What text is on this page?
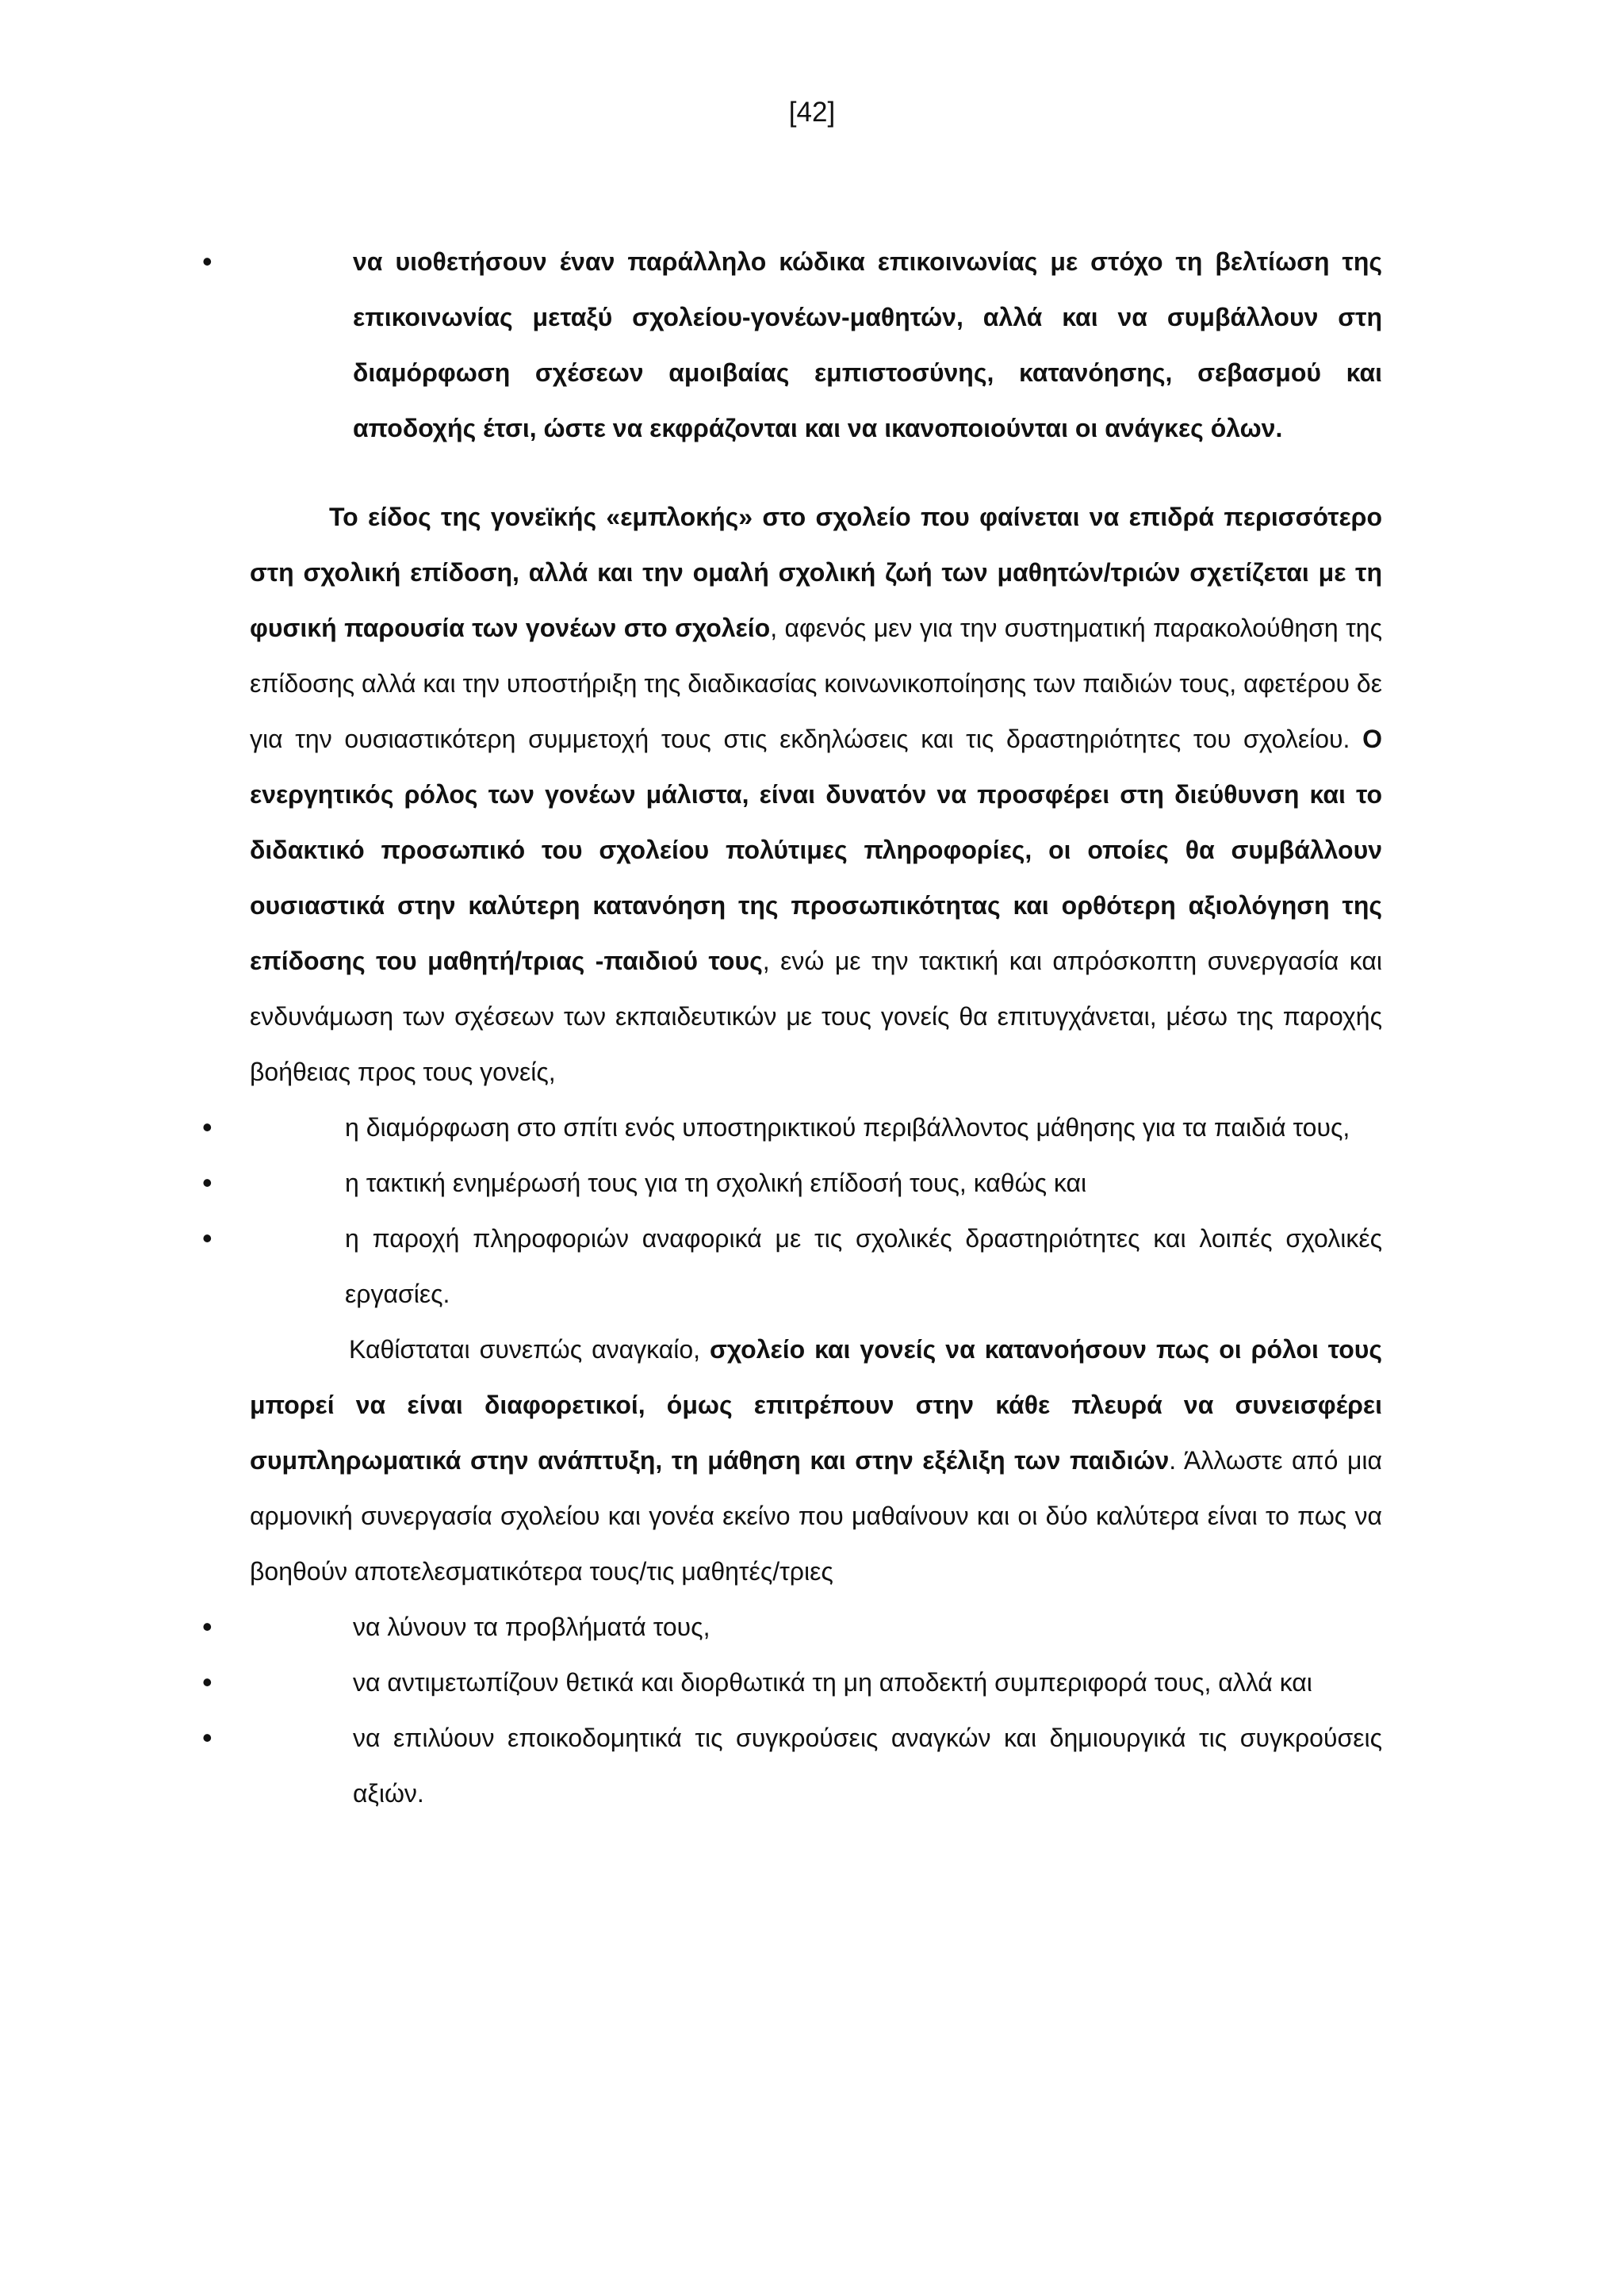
[42]
•	να υιοθετήσουν έναν παράλληλο κώδικα επικοινωνίας με στόχο τη βελτίωση της επικοινωνίας μεταξύ σχολείου-γονέων-μαθητών, αλλά και να συμβάλλουν στη διαμόρφωση σχέσεων αμοιβαίας εμπιστοσύνης, κατανόησης, σεβασμού και αποδοχής έτσι, ώστε να εκφράζονται και να ικανοποιούνται οι ανάγκες όλων.

Το είδος της γονεϊκής «εμπλοκής» στο σχολείο που φαίνεται να επιδρά περισσότερο στη σχολική επίδοση, αλλά και την ομαλή σχολική ζωή των μαθητών/τριών σχετίζεται με τη φυσική παρουσία των γονέων στο σχολείο, αφενός μεν για την συστηματική παρακολούθηση της επίδοσης αλλά και την υποστήριξη της διαδικασίας κοινωνικοποίησης των παιδιών τους, αφετέρου δε για την ουσιαστικότερη συμμετοχή τους στις εκδηλώσεις και τις δραστηριότητες του σχολείου. Ο ενεργητικός ρόλος των γονέων μάλιστα, είναι δυνατόν να προσφέρει στη διεύθυνση και το διδακτικό προσωπικό του σχολείου πολύτιμες πληροφορίες, οι οποίες θα συμβάλλουν ουσιαστικά στην καλύτερη κατανόηση της προσωπικότητας και ορθότερη αξιολόγηση της επίδοσης του μαθητή/τριας -παιδιού τους, ενώ με την τακτική και απρόσκοπτη συνεργασία και ενδυνάμωση των σχέσεων των εκπαιδευτικών με τους γονείς θα επιτυγχάνεται, μέσω της παροχής βοήθειας προς τους γονείς,

•	η διαμόρφωση στο σπίτι ενός υποστηρικτικού περιβάλλοντος μάθησης για τα παιδιά τους,
•	η τακτική ενημέρωσή τους για τη σχολική επίδοσή τους, καθώς και
•	η παροχή πληροφοριών αναφορικά με τις σχολικές δραστηριότητες και λοιπές σχολικές εργασίες.

Καθίσταται συνεπώς αναγκαίο, σχολείο και γονείς να κατανοήσουν πως οι ρόλοι τους μπορεί να είναι διαφορετικοί, όμως επιτρέπουν στην κάθε πλευρά να συνεισφέρει συμπληρωματικά στην ανάπτυξη, τη μάθηση και στην εξέλιξη των παιδιών. Άλλωστε από μια αρμονική συνεργασία σχολείου και γονέα εκείνο που μαθαίνουν και οι δύο καλύτερα είναι το πως να βοηθούν αποτελεσματικότερα τους/τις μαθητές/τριες

•	να λύνουν τα προβλήματά τους,
•	να αντιμετωπίζουν θετικά και διορθωτικά τη μη αποδεκτή συμπεριφορά τους, αλλά και
•	να επιλύουν εποικοδομητικά τις συγκρούσεις αναγκών και δημιουργικά τις συγκρούσεις αξιών.
